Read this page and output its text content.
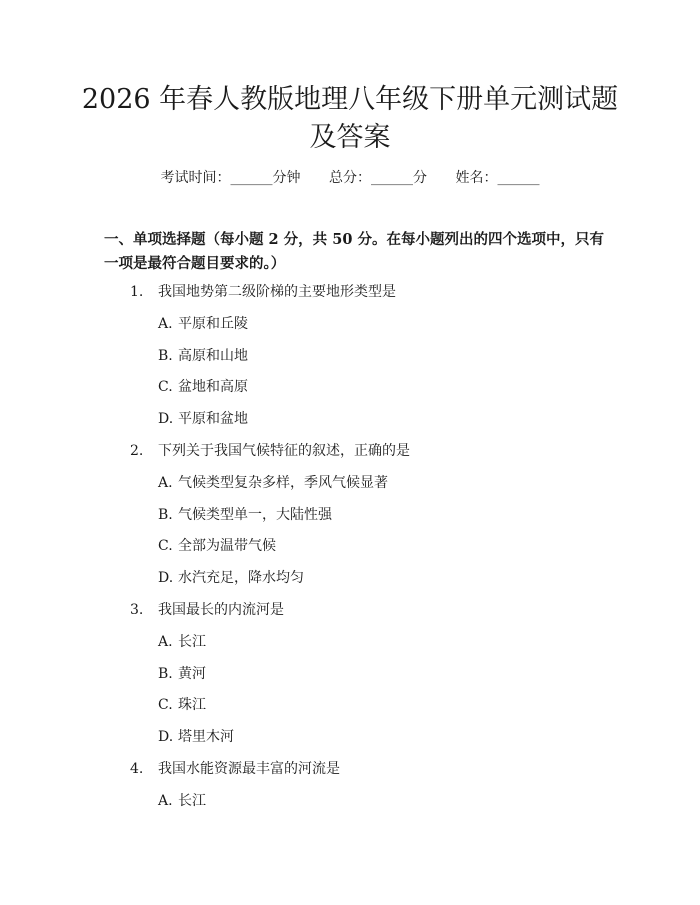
2026 年春人教版地理八年级下册单元测试题
及答案
考试时间：______分钟 总分：______分 姓名：______

一、单项选择题（每小题 2 分，共 50 分。在每小题列出的四个选项中，只有一项是最符合题目要求的。）

1. 我国地势第二级阶梯的主要地形类型是
A. 平原和丘陵
B. 高原和山地
C. 盆地和高原
D. 平原和盆地
2. 下列关于我国气候特征的叙述，正确的是
A. 气候类型复杂多样，季风气候显著
B. 气候类型单一，大陆性强
C. 全部为温带气候
D. 水汽充足，降水均匀
3. 我国最长的内流河是
A. 长江
B. 黄河
C. 珠江
D. 塔里木河
4. 我国水能资源最丰富的河流是
A. 长江
